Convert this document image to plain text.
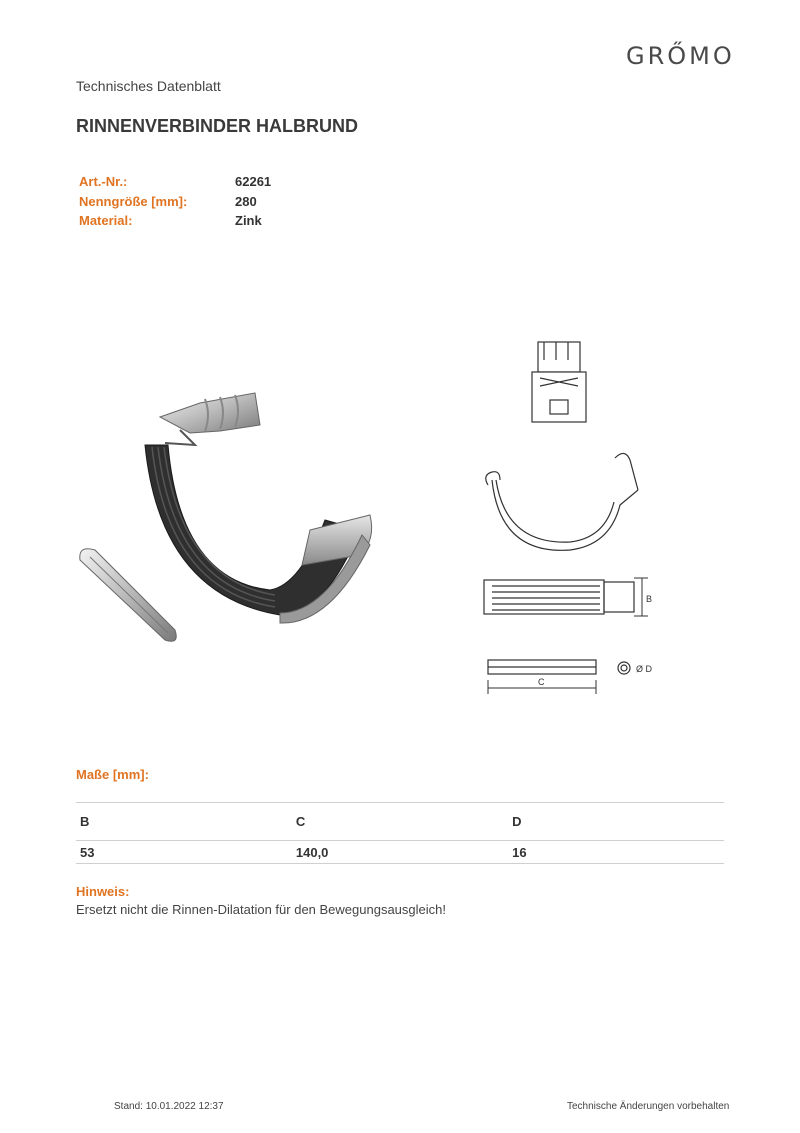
GRŐMO
Technisches Datenblatt
RINNENVERBINDER HALBRUND
Art.-Nr.:	62261
Nenngröße [mm]:	280
Material:	Zink
B
C
Ø D
Maße [mm]:
B	C	D
53	140,0	16
Hinweis:
Ersetzt nicht die Rinnen-Dilatation für den Bewegungsausgleich!
Stand: 10.01.2022 12:37	Technische Änderungen vorbehalten
